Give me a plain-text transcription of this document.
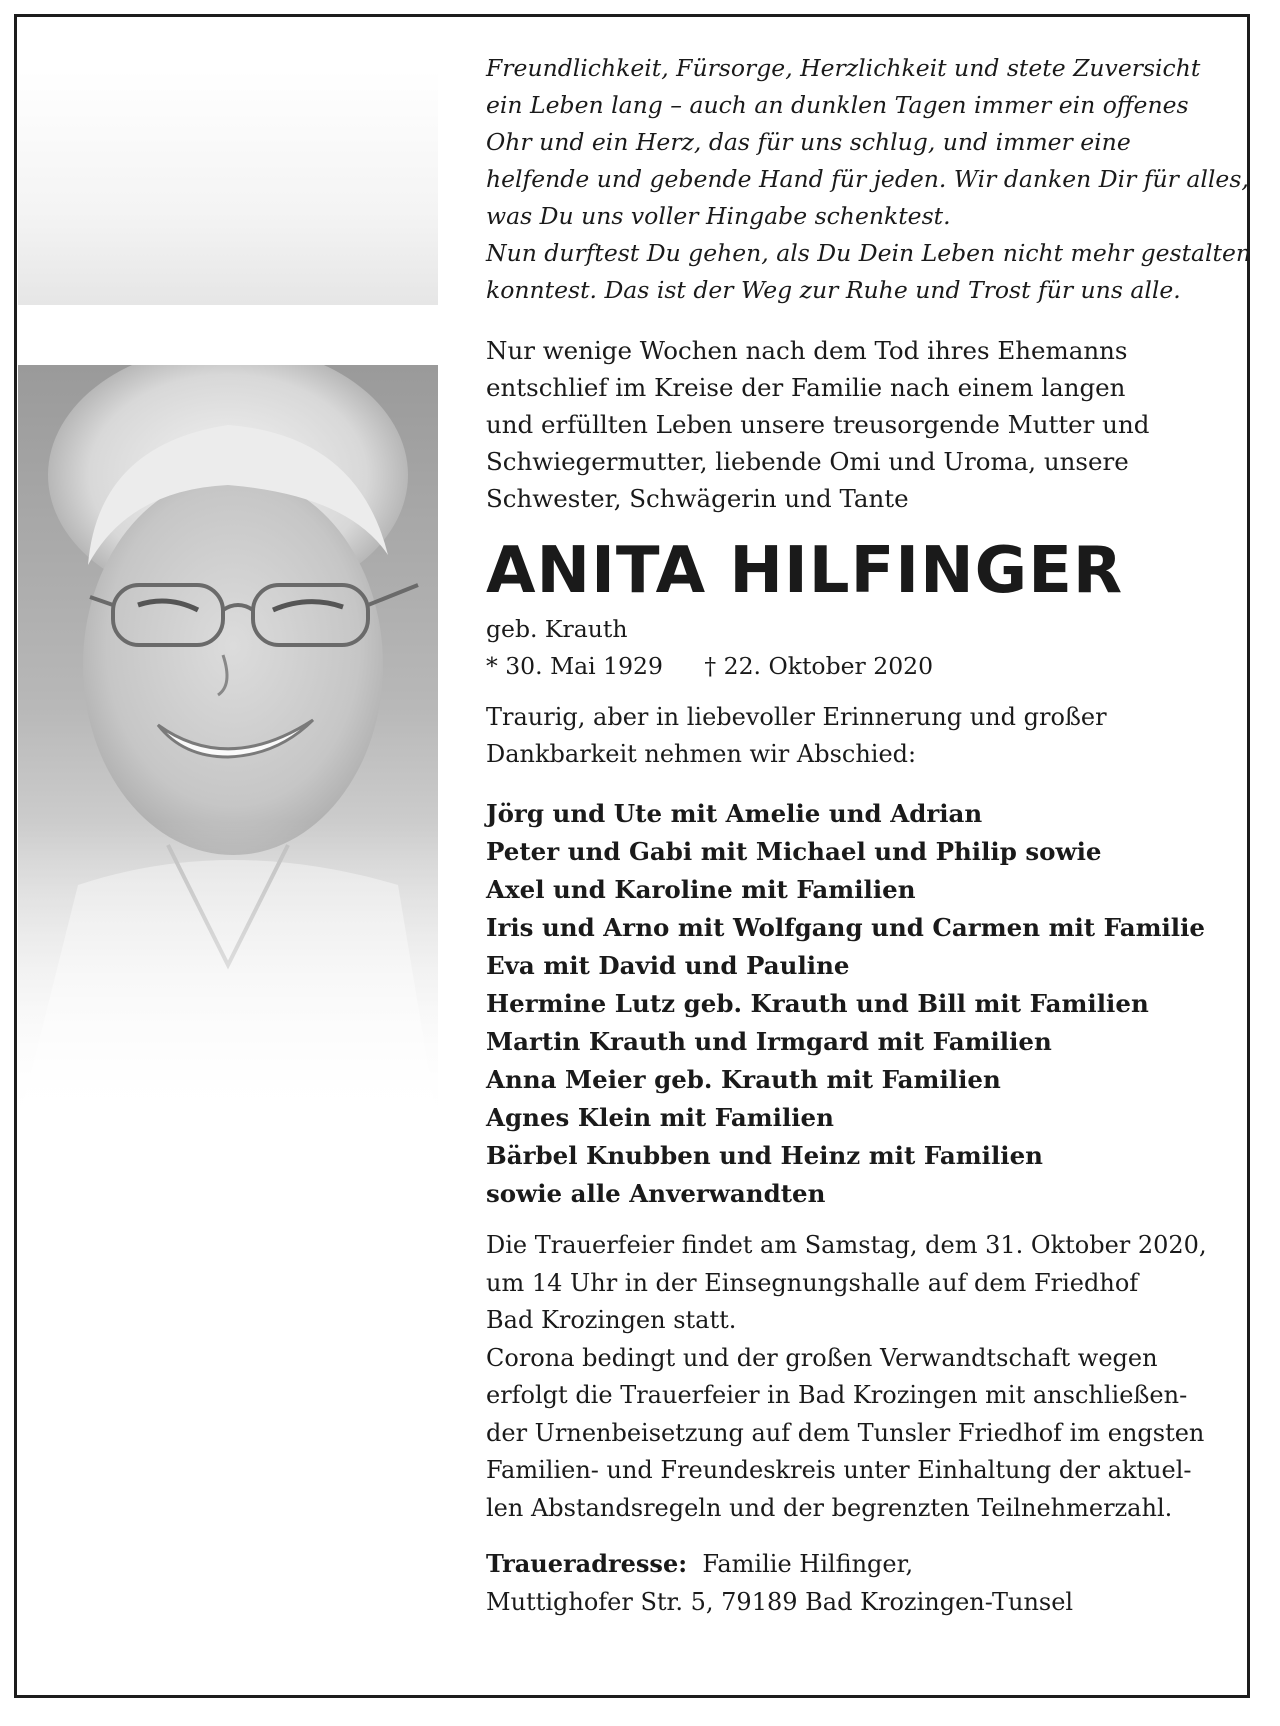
Freundlichkeit, Fürsorge, Herzlichkeit und stete Zuversicht
ein Leben lang – auch an dunklen Tagen immer ein offenes
Ohr und ein Herz, das für uns schlug, und immer eine
helfende und gebende Hand für jeden. Wir danken Dir für alles,
was Du uns voller Hingabe schenktest.
Nun durftest Du gehen, als Du Dein Leben nicht mehr gestalten
konntest. Das ist der Weg zur Ruhe und Trost für uns alle.
Nur wenige Wochen nach dem Tod ihres Ehemanns
entschlief im Kreise der Familie nach einem langen
und erfüllten Leben unsere treusorgende Mutter und
Schwiegermutter, liebende Omi und Uroma, unsere
Schwester, Schwägerin und Tante
ANITA HILFINGER
geb. Krauth
* 30. Mai 1929 † 22. Oktober 2020
Traurig, aber in liebevoller Erinnerung und großer
Dankbarkeit nehmen wir Abschied:
Jörg und Ute mit Amelie und Adrian
Peter und Gabi mit Michael und Philip sowie
Axel und Karoline mit Familien
Iris und Arno mit Wolfgang und Carmen mit Familie
Eva mit David und Pauline
Hermine Lutz geb. Krauth und Bill mit Familien
Martin Krauth und Irmgard mit Familien
Anna Meier geb. Krauth mit Familien
Agnes Klein mit Familien
Bärbel Knubben und Heinz mit Familien
sowie alle Anverwandten
Die Trauerfeier findet am Samstag, dem 31. Oktober 2020,
um 14 Uhr in der Einsegnungshalle auf dem Friedhof
Bad Krozingen statt.
Corona bedingt und der großen Verwandtschaft wegen
erfolgt die Trauerfeier in Bad Krozingen mit anschließen-
der Urnenbeisetzung auf dem Tunsler Friedhof im engsten
Familien- und Freundeskreis unter Einhaltung der aktuel-
len Abstandsregeln und der begrenzten Teilnehmerzahl.
Traueradresse: Familie Hilfinger,
Muttighofer Str. 5, 79189 Bad Krozingen-Tunsel
